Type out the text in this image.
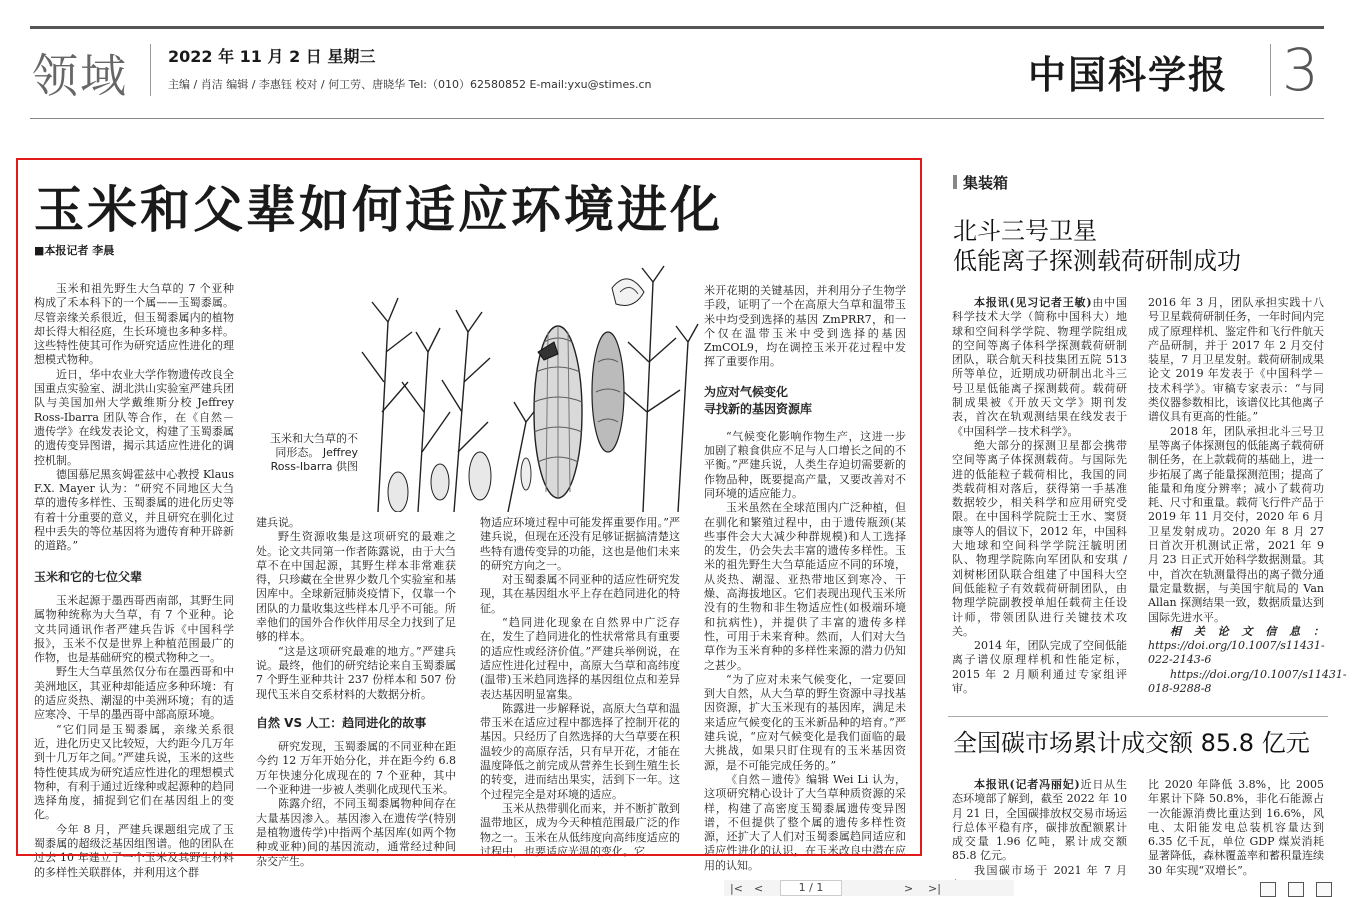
领域	2022 年 11 月 2 日 星期三
主编 / 肖洁 编辑 / 李惠钰 校对 / 何工劳、唐晓华 Tel:（010）62580852 E-mail:yxu@stimes.cn	中国科学报 3
玉米和父辈如何适应环境进化
■本报记者 李晨
玉米和大刍草的不同形态。 Jeffrey Ross-Ibarra 供图

玉米和祖先野生大刍草的 7 个亚种构成了禾本科下的一个属——玉蜀黍属。尽管亲缘关系很近，但玉蜀黍属内的植物却长得大相径庭，生长环境也多种多样。这些特性使其可作为研究适应性进化的理想模式物种。

近日，华中农业大学作物遗传改良全国重点实验室、湖北洪山实验室严建兵团队与美国加州大学戴维斯分校 Jeffrey Ross-Ibarra 团队等合作，在《自然－遗传学》在线发表论文，构建了玉蜀黍属的遗传变异图谱，揭示其适应性进化的调控机制。

德国慕尼黑亥姆霍兹中心教授 Klaus F.X. Mayer 认为：“研究不同地区大刍草的遗传多样性、玉蜀黍属的进化历史等有着十分重要的意义，并且研究在驯化过程中丢失的等位基因将为遗传育种开辟新的道路。”

玉米和它的七位父辈

玉米起源于墨西哥西南部，其野生同属物种统称为大刍草，有 7 个亚种。论文共同通讯作者严建兵告诉《中国科学报》，玉米不仅是世界上种植范围最广的作物，也是基础研究的模式物种之一。

野生大刍草虽然仅分布在墨西哥和中美洲地区，其亚种却能适应多种环境：有的适应炎热、潮湿的中美洲环境；有的适应寒冷、干旱的墨西哥中部高原环境。

“它们同是玉蜀黍属，亲缘关系很近，进化历史又比较短，大约距今几万年到十几万年之间。”严建兵说，玉米的这些特性使其成为研究适应性进化的理想模式物种，有利于通过近缘种或起源种的趋同选择角度，捕捉到它们在基因组上的变化。

今年 8 月，严建兵课题组完成了玉蜀黍属的超级泛基因组图谱。他的团队在过去 10 年建立了一个玉米及其野生材料的多样性关联群体，并利用这个群

建兵说。

野生资源收集是这项研究的最难之处。论文共同第一作者陈露说，由于大刍草不在中国起源，其野生样本非常难获得，只珍藏在全世界少数几个实验室和基因库中。全球新冠肺炎疫情下，仅靠一个团队的力量收集这些样本几乎不可能。所幸他们的国外合作伙伴用尽全力找到了足够的样本。

“这是这项研究最难的地方。”严建兵说。最终，他们的研究结论来自玉蜀黍属 7 个野生亚种共计 237 份样本和 507 份现代玉米自交系材料的大数据分析。

自然 VS 人工：趋同进化的故事

研究发现，玉蜀黍属的不同亚种在距今约 12 万年开始分化，并在距今约 6.8 万年快速分化成现在的 7 个亚种，其中一个亚种进一步被人类驯化成现代玉米。

陈露介绍，不同玉蜀黍属物种间存在大量基因渗入。基因渗入在遗传学(特别是植物遗传学)中指两个基因库(如两个物种或亚种)间的基因流动，通常经过种间杂交产生。

物适应环境过程中可能发挥重要作用。”严建兵说，但现在还没有足够证据搞清楚这些特有遗传变异的功能，这也是他们未来的研究方向之一。

对玉蜀黍属不同亚种的适应性研究发现，其在基因组水平上存在趋同进化的特征。

“趋同进化现象在自然界中广泛存在，发生了趋同进化的性状常常具有重要的适应性或经济价值。”严建兵举例说，在适应性进化过程中，高原大刍草和高纬度(温带)玉米趋同选择的基因组位点和差异表达基因明显富集。

陈露进一步解释说，高原大刍草和温带玉米在适应过程中都选择了控制开花的基因。只经历了自然选择的大刍草要在积温较少的高原存活，只有早开花，才能在温度降低之前完成从营养生长到生殖生长的转变，进而结出果实，活到下一年。这个过程完全是对环境的适应。

玉米从热带驯化而来，并不断扩散到温带地区，成为今天种植范围最广泛的作物之一。玉米在从低纬度向高纬度适应的过程中，也要适应光温的变化。它

米开花期的关键基因，并利用分子生物学手段，证明了一个在高原大刍草和温带玉米中均受到选择的基因 ZmPRR7，和一个仅在温带玉米中受到选择的基因 ZmCOL9，均在调控玉米开花过程中发挥了重要作用。

为应对气候变化
寻找新的基因资源库

“气候变化影响作物生产，这进一步加剧了粮食供应不足与人口增长之间的不平衡。”严建兵说，人类生存迫切需要新的作物品种，既要提高产量，又要改善对不同环境的适应能力。

玉米虽然在全球范围内广泛种植，但在驯化和繁殖过程中，由于遗传瓶颈(某些事件会大大减少种群规模)和人工选择的发生，仍会失去丰富的遗传多样性。玉米的祖先野生大刍草能适应不同的环境，从炎热、潮湿、亚热带地区到寒冷、干燥、高海拔地区。它们表现出现代玉米所没有的生物和非生物适应性(如极端环境和抗病性)，并提供了丰富的遗传多样性，可用于未来育种。然而，人们对大刍草作为玉米育种的多样性来源的潜力仍知之甚少。

“为了应对未来气候变化，一定要回到大自然，从大刍草的野生资源中寻找基因资源，扩大玉米现有的基因库，满足未来适应气候变化的玉米新品种的培育。”严建兵说，“应对气候变化是我们面临的最大挑战，如果只盯住现有的玉米基因资源，是不可能完成任务的。”

《自然－遗传》编辑 Wei Li 认为，这项研究精心设计了大刍草种质资源的采样，构建了高密度玉蜀黍属遗传变异图谱，不但提供了整个属的遗传多样性资源，还扩大了人们对玉蜀黍属趋同适应和适应性进化的认识，在玉米改良中潜在应用的认知。

集装箱
北斗三号卫星
低能离子探测载荷研制成功

本报讯(见习记者王敏)由中国科学技术大学（简称中国科大）地球和空间科学学院、物理学院组成的空间等离子体科学探测载荷研制团队，联合航天科技集团五院 513 所等单位，近期成功研制出北斗三号卫星低能离子探测载荷。载荷研制成果被《开放天文学》期刊发表，首次在轨观测结果在线发表于《中国科学－技术科学》。

绝大部分的探测卫星都会携带空间等离子体探测载荷。与国际先进的低能粒子载荷相比，我国的同类载荷相对落后，获得第一手基准数据较少，相关科学和应用研究受限。在中国科学院院士王水、窦贤康等人的倡议下，2012 年，中国科大地球和空间科学学院汪毓明团队、物理学院陈向军团队和安琪 / 刘树彬团队联合组建了中国科大空间低能粒子有效载荷研制团队，由物理学院副教授单旭任载荷主任设计师，带领团队进行关键技术攻关。

2014 年，团队完成了空间低能离子谱仪原理样机和性能定标，2015 年 2 月顺利通过专家组评审。

2016 年 3 月，团队承担实践十八号卫星载荷研制任务，一年时间内完成了原理样机、鉴定件和飞行件航天产品研制，并于 2017 年 2 月交付装星，7 月卫星发射。载荷研制成果论文 2019 年发表于《中国科学－技术科学》。审稿专家表示：“与同类仪器参数相比，该谱仪比其他离子谱仪具有更高的性能。”

2018 年，团队承担北斗三号卫星等离子体探测包的低能离子载荷研制任务，在上款载荷的基础上，进一步拓展了离子能量探测范围；提高了能量和角度分辨率；减小了载荷功耗、尺寸和重量。载荷飞行件产品于 2019 年 11 月交付，2020 年 6 月卫星发射成功。2020 年 8 月 27 日首次开机测试正常，2021 年 9 月 23 日正式开始科学数据测量。其中，首次在轨测量得出的离子微分通量定量数据，与美国宇航局的 Van Allan 探测结果一致，数据质量达到国际先进水平。

相关论文信息：https://doi.org/10.1007/s11431-022-2143-6

https://doi.org/10.1007/s11431-018-9288-8

全国碳市场累计成交额 85.8 亿元

本报讯(记者冯丽妃)近日从生态环境部了解到，截至 2022 年 10 月 21 日，全国碳排放权交易市场运行总体平稳有序，碳排放配额累计成交量 1.96 亿吨，累计成交额 85.8 亿元。

我国碳市场于 2021 年 7 月

比 2020 年降低 3.8%，比 2005 年累计下降 50.8%，非化石能源占一次能源消费比重达到 16.6%，风电、太阳能发电总装机容量达到 6.35 亿千瓦，单位 GDP 煤炭消耗显著降低，森林覆盖率和蓄积量连续 30 年实现“双增长”。

|< <	1 / 1	> >|
